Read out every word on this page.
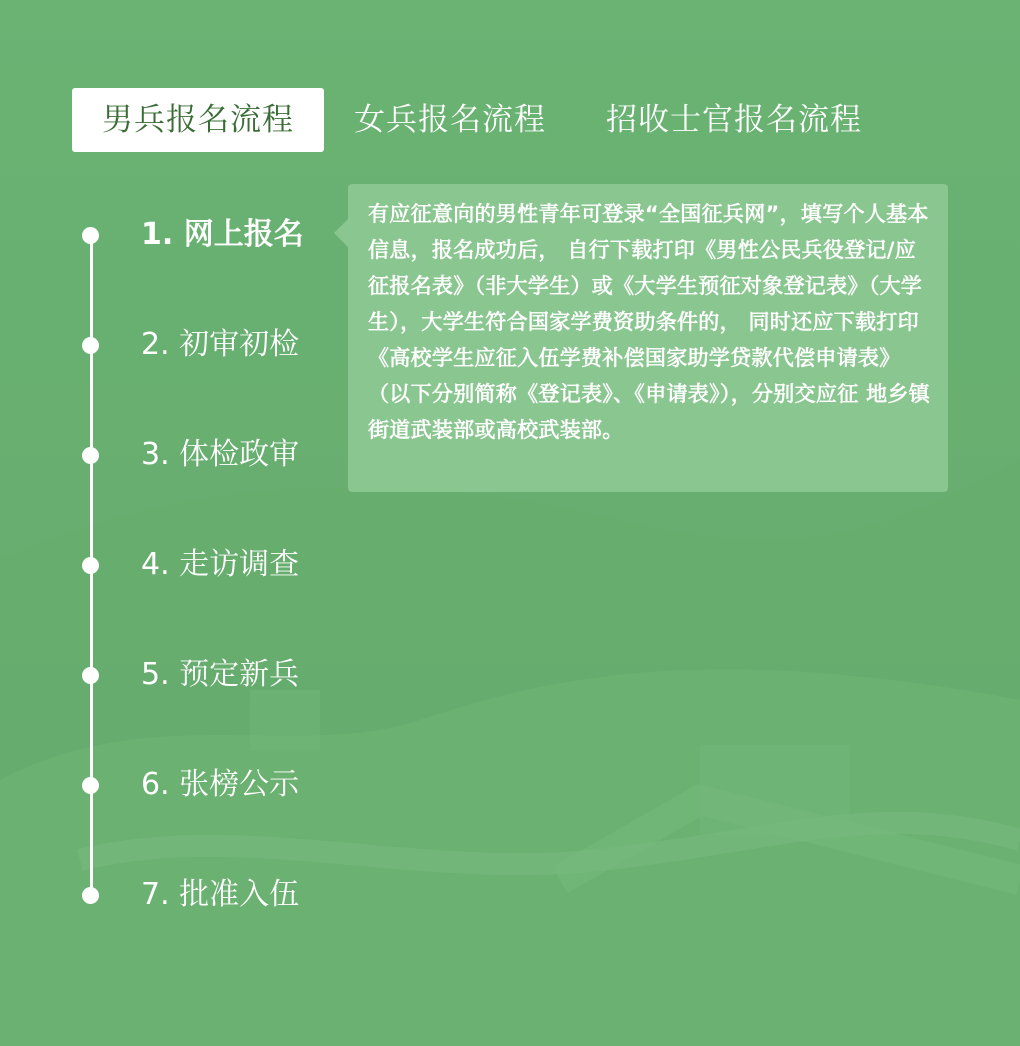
男兵报名流程	女兵报名流程 招收士官报名流程
1. 网上报名
2. 初审初检
3. 体检政审
4. 走访调查
5. 预定新兵
6. 张榜公示
7. 批准入伍
有应征意向的男性青年可登录“全国征兵网”，填写个人基本信息，报名成功后， 自行下载打印《男性公民兵役登记/应征报名表》（非大学生）或《大学生预征对象登记表》（大学生），大学生符合国家学费资助条件的， 同时还应下载打印《高校学生应征入伍学费补偿国家助学贷款代偿申请表》（以下分别简称《登记表》、《申请表》），分别交应征 地乡镇街道武装部或高校武装部。
